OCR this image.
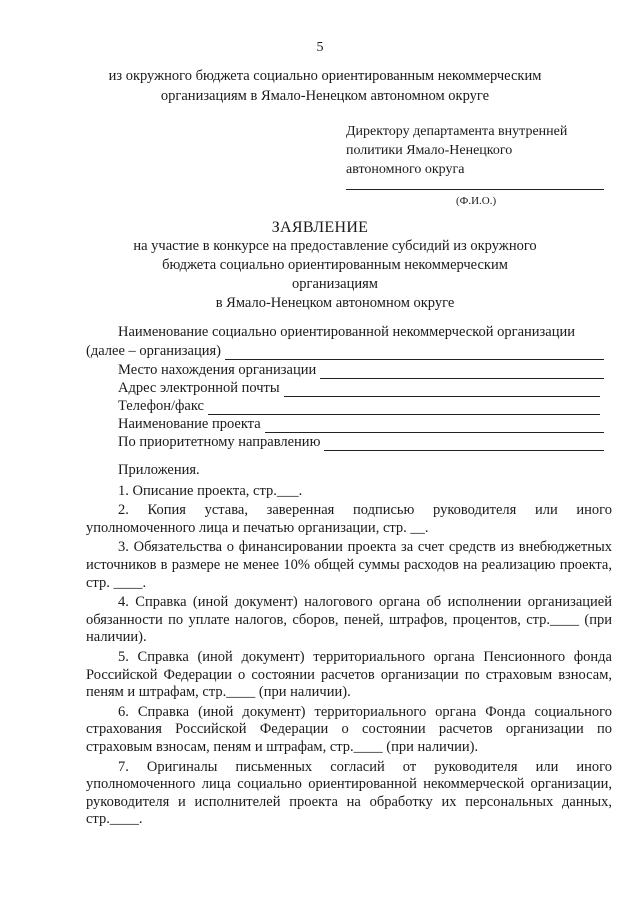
5
из окружного бюджета социально ориентированным некоммерческим
организациям в Ямало-Ненецком автономном округе
Директору департамента внутренней
политики Ямало-Ненецкого
автономного округа
(Ф.И.О.)
ЗАЯВЛЕНИЕ
на участие в конкурсе на предоставление субсидий из окружного
бюджета социально ориентированным некоммерческим организациям
в Ямало-Ненецком автономном округе
Наименование социально ориентированной некоммерческой организации
(далее – организация)
Место нахождения организации
Адрес электронной почты
Телефон/факс
Наименование проекта
По приоритетному направлению
Приложения.

1. Описание проекта, стр.___.

2. Копия устава, заверенная подписью руководителя или иного уполномоченного лица и печатью организации, стр. __.

3. Обязательства о финансировании проекта за счет средств из внебюджетных источников в размере не менее 10% общей суммы расходов на реализацию проекта, стр. ____.

4. Справка (иной документ) налогового органа об исполнении организацией обязанности по уплате налогов, сборов, пеней, штрафов, процентов, стр.____ (при наличии).

5. Справка (иной документ) территориального органа Пенсионного фонда Российской Федерации о состоянии расчетов организации по страховым взносам, пеням и штрафам, стр.____ (при наличии).

6. Справка (иной документ) территориального органа Фонда социального страхования Российской Федерации о состоянии расчетов организации по страховым взносам, пеням и штрафам, стр.____ (при наличии).

7. Оригиналы письменных согласий от руководителя или иного уполномоченного лица социально ориентированной некоммерческой организации, руководителя и исполнителей проекта на обработку их персональных данных, стр.____.
